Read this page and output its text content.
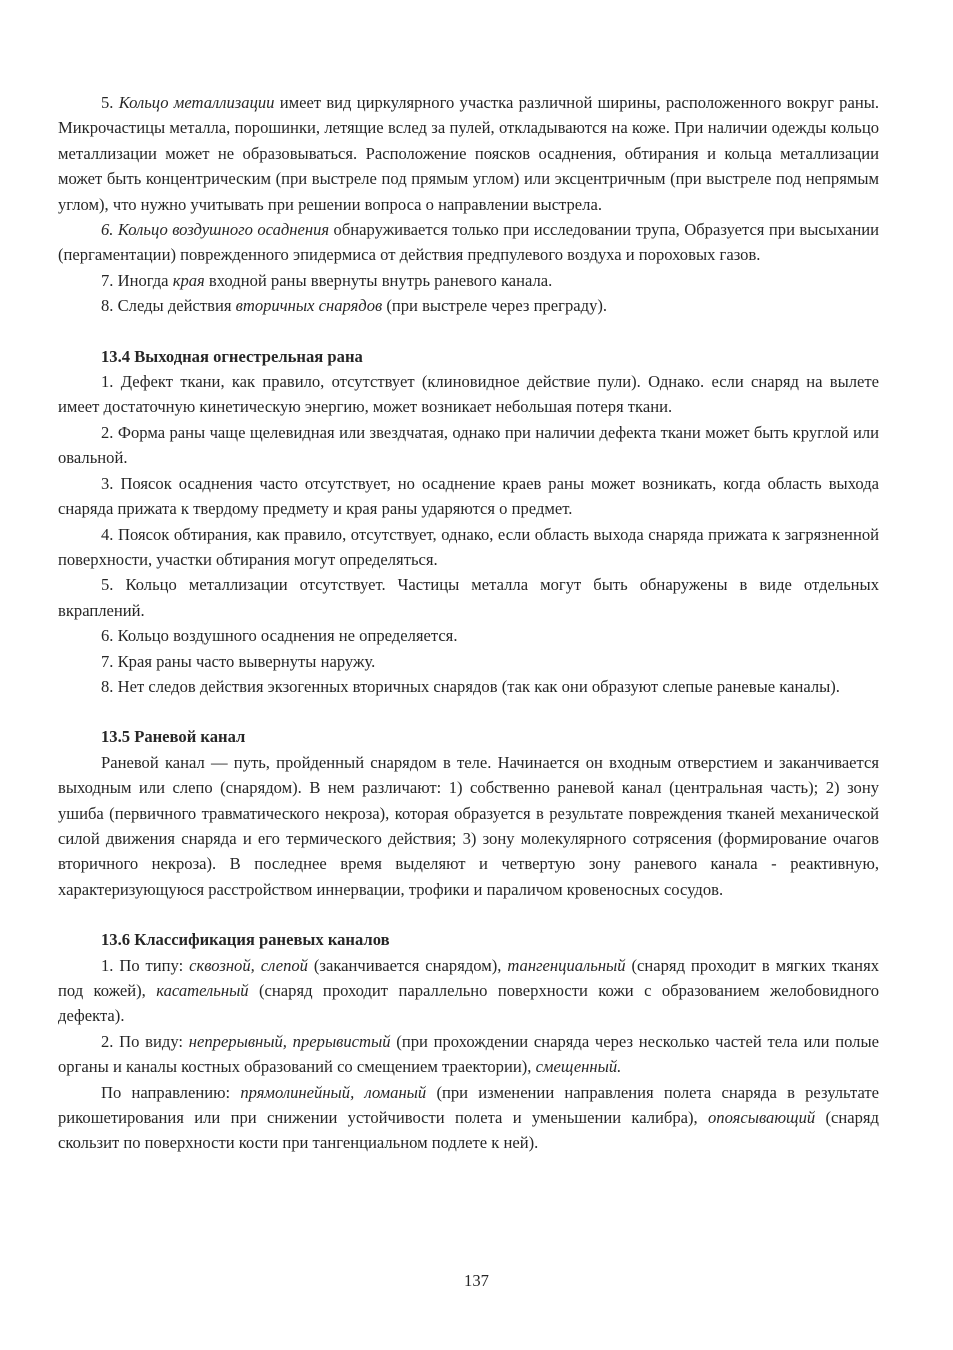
5. Кольцо металлизации имеет вид циркулярного участка различной ширины, расположенного вокруг раны. Микрочастицы металла, порошинки, летящие вслед за пулей, откладываются на коже. При наличии одежды кольцо металлизации может не образовываться. Расположение поясков осаднения, обтирания и кольца металлизации может быть концентрическим (при выстреле под прямым углом) или эксцентричным (при выстреле под непрямым углом), что нужно учитывать при решении вопроса о направлении выстрела.

6. Кольцо воздушного осаднения обнаруживается только при исследовании трупа, Образуется при высыхании (пергаментации) поврежденного эпидермиса от действия предпулевого воздуха и пороховых газов.

7. Иногда края входной раны ввернуты внутрь раневого канала.

8. Следы действия вторичных снарядов (при выстреле через преграду).

13.4 Выходная огнестрельная рана

1. Дефект ткани, как правило, отсутствует (клиновидное действие пули). Однако. если снаряд на вылете имеет достаточную кинетическую энергию, может возникает небольшая потеря ткани.

2. Форма раны чаще щелевидная или звездчатая, однако при наличии дефекта ткани может быть круглой или овальной.

3. Поясок осаднения часто отсутствует, но осаднение краев раны может возникать, когда область выхода снаряда прижата к твердому предмету и края раны ударяются о предмет.

4. Поясок обтирания, как правило, отсутствует, однако, если область выхода снаряда прижата к загрязненной поверхности, участки обтирания могут определяться.

5. Кольцо металлизации отсутствует. Частицы металла могут быть обнаружены в виде отдельных вкраплений.

6. Кольцо воздушного осаднения не определяется.

7. Края раны часто вывернуты наружу.

8. Нет следов действия экзогенных вторичных снарядов (так как они образуют слепые раневые каналы).

13.5 Раневой канал

Раневой канал — путь, пройденный снарядом в теле. Начинается он входным отверстием и заканчивается выходным или слепо (снарядом). В нем различают: 1) собственно раневой канал (центральная часть); 2) зону ушиба (первичного травматического некроза), которая образуется в результате повреждения тканей механической силой движения снаряда и его термического действия; 3) зону молекулярного сотрясения (формирование очагов вторичного некроза). В последнее время выделяют и четвертую зону раневого канала - реактивную, характеризующуюся расстройством иннервации, трофики и параличом кровеносных сосудов.

13.6 Классификация раневых каналов

1. По типу: сквозной, слепой (заканчивается снарядом), тангенциальный (снаряд проходит в мягких тканях под кожей), касательный (снаряд проходит параллельно поверхности кожи с образованием желобовидного дефекта).

2. По виду: непрерывный, прерывистый (при прохождении снаряда через несколько частей тела или полые органы и каналы костных образований со смещением траектории), смещенный.

По направлению: прямолинейный, ломаный (при изменении направления полета снаряда в результате рикошетирования или при снижении устойчивости полета и уменьшении калибра), опоясывающий (снаряд скользит по поверхности кости при тангенциальном подлете к ней).

137
